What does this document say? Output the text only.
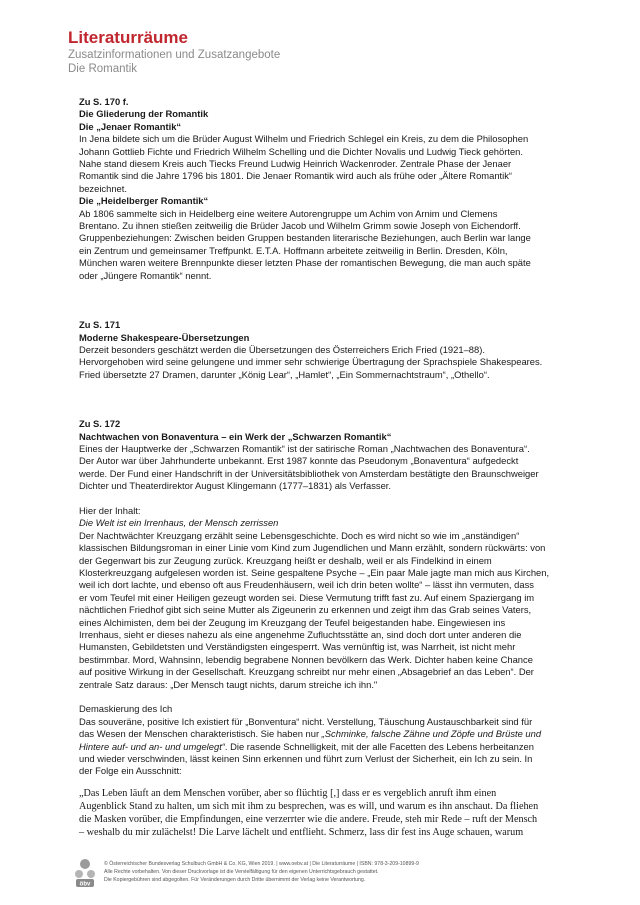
Literaturräume

Zusatzinformationen und Zusatzangebote

Die Romantik

Zu S. 170 f.

Die Gliederung der Romantik

Die „Jenaer Romantik“

In Jena bildete sich um die Brüder August Wilhelm und Friedrich Schlegel ein Kreis, zu dem die Philosophen

Johann Gottlieb Fichte und Friedrich Wilhelm Schelling und die Dichter Novalis und Ludwig Tieck gehörten.

Nahe stand diesem Kreis auch Tiecks Freund Ludwig Heinrich Wackenroder. Zentrale Phase der Jenaer

Romantik sind die Jahre 1796 bis 1801. Die Jenaer Romantik wird auch als frühe oder „Ältere Romantik“

bezeichnet.

Die „Heidelberger Romantik“

Ab 1806 sammelte sich in Heidelberg eine weitere Autorengruppe um Achim von Arnim und Clemens

Brentano. Zu ihnen stießen zeitweilig die Brüder Jacob und Wilhelm Grimm sowie Joseph von Eichendorff.

Gruppenbeziehungen: Zwischen beiden Gruppen bestanden literarische Beziehungen, auch Berlin war lange

ein Zentrum und gemeinsamer Treffpunkt. E.T.A. Hoffmann arbeitete zeitweilig in Berlin. Dresden, Köln,

München waren weitere Brennpunkte dieser letzten Phase der romantischen Bewegung, die man auch späte

oder „Jüngere Romantik“ nennt.

Zu S. 171

Moderne Shakespeare-Übersetzungen

Derzeit besonders geschätzt werden die Übersetzungen des Österreichers Erich Fried (1921–88).

Hervorgehoben wird seine gelungene und immer sehr schwierige Übertragung der Sprachspiele Shakespeares.

Fried übersetzte 27 Dramen, darunter „König Lear“, „Hamlet“, „Ein Sommernachtstraum“, „Othello“.

Zu S. 172

Nachtwachen von Bonaventura – ein Werk der „Schwarzen Romantik“

Eines der Hauptwerke der „Schwarzen Romantik“ ist der satirische Roman „Nachtwachen des Bonaventura“.

Der Autor war über Jahrhunderte unbekannt. Erst 1987 konnte das Pseudonym „Bonaventura“ aufgedeckt

werde. Der Fund einer Handschrift in der Universitätsbibliothek von Amsterdam bestätigte den Braunschweiger

Dichter und Theaterdirektor August Klingemann (1777–1831) als Verfasser.

Hier der Inhalt:

Die Welt ist ein Irrenhaus, der Mensch zerrissen

Der Nachtwächter Kreuzgang erzählt seine Lebensgeschichte. Doch es wird nicht so wie im „anständigen“

klassischen Bildungsroman in einer Linie vom Kind zum Jugendlichen und Mann erzählt, sondern rückwärts: von

der Gegenwart bis zur Zeugung zurück. Kreuzgang heißt er deshalb, weil er als Findelkind in einem

Klosterkreuzgang aufgelesen worden ist. Seine gespaltene Psyche – „Ein paar Male jagte man mich aus Kirchen,

weil ich dort lachte, und ebenso oft aus Freudenhäusern, weil ich drin beten wollte“ – lässt ihn vermuten, dass

er vom Teufel mit einer Heiligen gezeugt worden sei. Diese Vermutung trifft fast zu. Auf einem Spaziergang im

nächtlichen Friedhof gibt sich seine Mutter als Zigeunerin zu erkennen und zeigt ihm das Grab seines Vaters,

eines Alchimisten, dem bei der Zeugung im Kreuzgang der Teufel beigestanden habe. Eingewiesen ins

Irrenhaus, sieht er dieses nahezu als eine angenehme Zufluchtsstätte an, sind doch dort unter anderen die

Humansten, Gebildetsten und Verständigsten eingesperrt. Was vernünftig ist, was Narrheit, ist nicht mehr

bestimmbar. Mord, Wahnsinn, lebendig begrabene Nonnen bevölkern das Werk. Dichter haben keine Chance

auf positive Wirkung in der Gesellschaft. Kreuzgang schreibt nur mehr einen „Absagebrief an das Leben“. Der

zentrale Satz daraus: „Der Mensch taugt nichts, darum streiche ich ihn."

Demaskierung des Ich

Das souveräne, positive Ich existiert für „Bonventura“ nicht. Verstellung, Täuschung Austauschbarkeit sind für

das Wesen der Menschen charakteristisch. Sie haben nur „Schminke, falsche Zähne und Zöpfe und Brüste und

Hintere auf- und an- und umgelegt“. Die rasende Schnelligkeit, mit der alle Facetten des Lebens herbeitanzen

und wieder verschwinden, lässt keinen Sinn erkennen und führt zum Verlust der Sicherheit, ein Ich zu sein. In

der Folge ein Ausschnitt:

„Das Leben läuft an dem Menschen vorüber, aber so flüchtig [,] dass er es vergeblich anruft ihm einen

Augenblick Stand zu halten, um sich mit ihm zu besprechen, was es will, und warum es ihn anschaut. Da fliehen

die Masken vorüber, die Empfindungen, eine verzerrter wie die andere. Freude, steh mir Rede – ruft der Mensch

– weshalb du mir zulächelst! Die Larve lächelt und entflieht. Schmerz, lass dir fest ins Auge schauen, warum

öbv

© Österreichischer Bundesverlag Schulbuch GmbH & Co. KG, Wien 2019. | www.oebv.at | Die Literaturräume | ISBN: 978-3-209-10899-9

Alle Rechte vorbehalten. Von dieser Druckvorlage ist die Vervielfältigung für den eigenen Unterrichtsgebrauch gestattet.

Die Kopiergebühren sind abgegolten. Für Veränderungen durch Dritte übernimmt der Verlag keine Verantwortung.
